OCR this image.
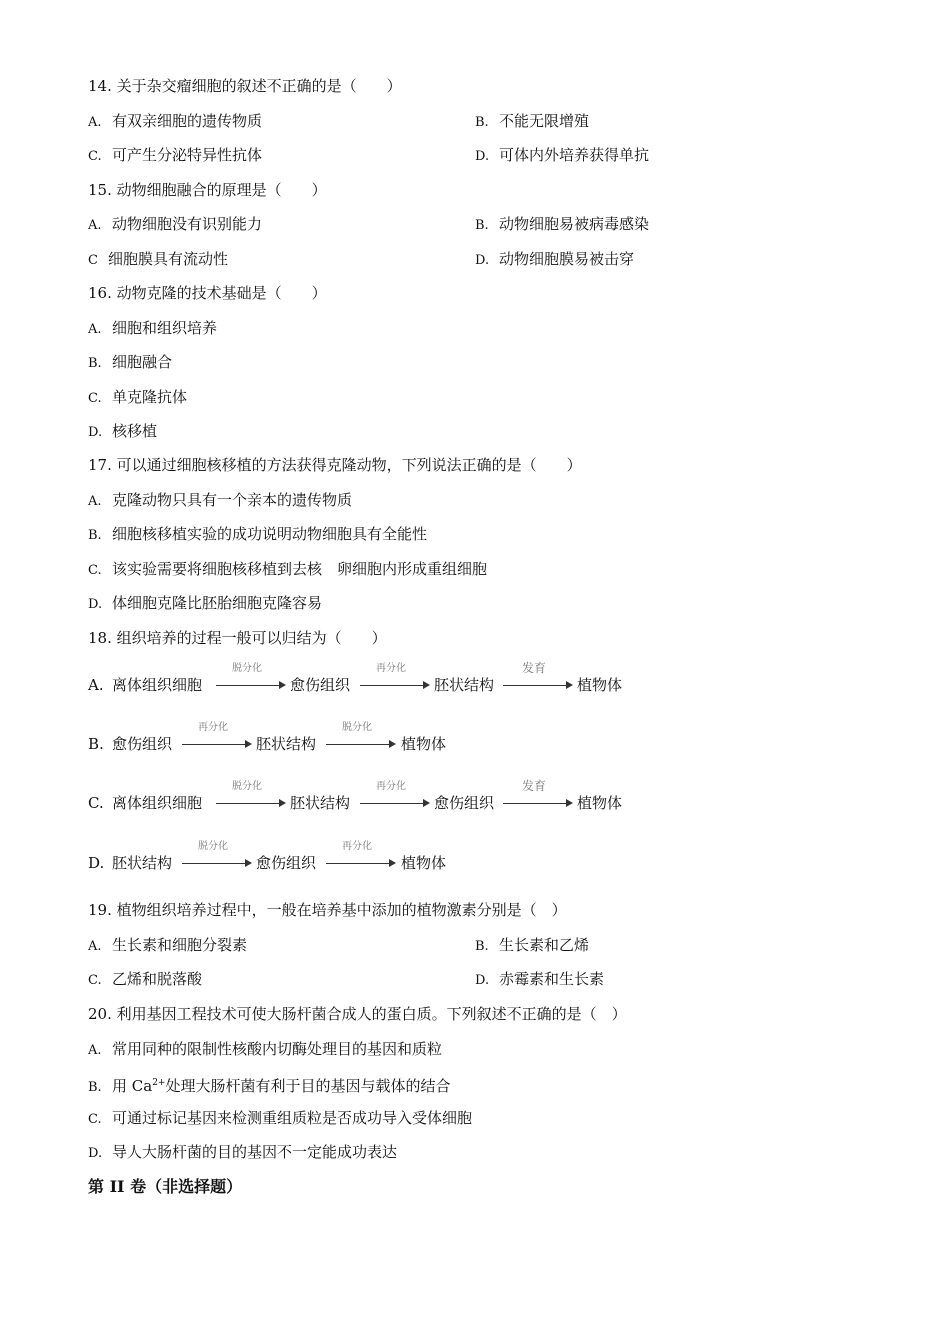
14. 关于杂交瘤细胞的叙述不正确的是（　　）
A. 有双亲细胞的遗传物质	B. 不能无限增殖
C. 可产生分泌特异性抗体	D. 可体内外培养获得单抗
15. 动物细胞融合的原理是（　　）
A. 动物细胞没有识别能力	B. 动物细胞易被病毒感染
C 细胞膜具有流动性	D. 动物细胞膜易被击穿
16. 动物克隆的技术基础是（　　）
A. 细胞和组织培养
B. 细胞融合
C. 单克隆抗体
D. 核移植
17. 可以通过细胞核移植的方法获得克隆动物，下列说法正确的是（　　）
A. 克隆动物只具有一个亲本的遗传物质
B. 细胞核移植实验的成功说明动物细胞具有全能性
C. 该实验需要将细胞核移植到去核　卵细胞内形成重组细胞
D. 体细胞克隆比胚胎细胞克隆容易
18. 组织培养的过程一般可以归结为（　　）
A. 离体组织细胞
脱分化
愈伤组织
再分化
胚状结构
发育
植物体
B. 愈伤组织
再分化
胚状结构
脱分化
植物体
C. 离体组织细胞
脱分化
胚状结构
再分化
愈伤组织
发育
植物体
D. 胚状结构
脱分化
愈伤组织
再分化
植物体
19. 植物组织培养过程中，一般在培养基中添加的植物激素分别是（　）
A. 生长素和细胞分裂素	B. 生长素和乙烯
C. 乙烯和脱落酸	D. 赤霉素和生长素
20. 利用基因工程技术可使大肠杆菌合成人的蛋白质。下列叙述不正确的是（　）
A. 常用同种的限制性核酸内切酶处理目的基因和质粒
B. 用 $Ca^{2+}$处理大肠杆菌有利于目的基因与载体的结合
C. 可通过标记基因来检测重组质粒是否成功导入受体细胞
D. 导人大肠杆菌的目的基因不一定能成功表达
第 II 卷（非选择题）
